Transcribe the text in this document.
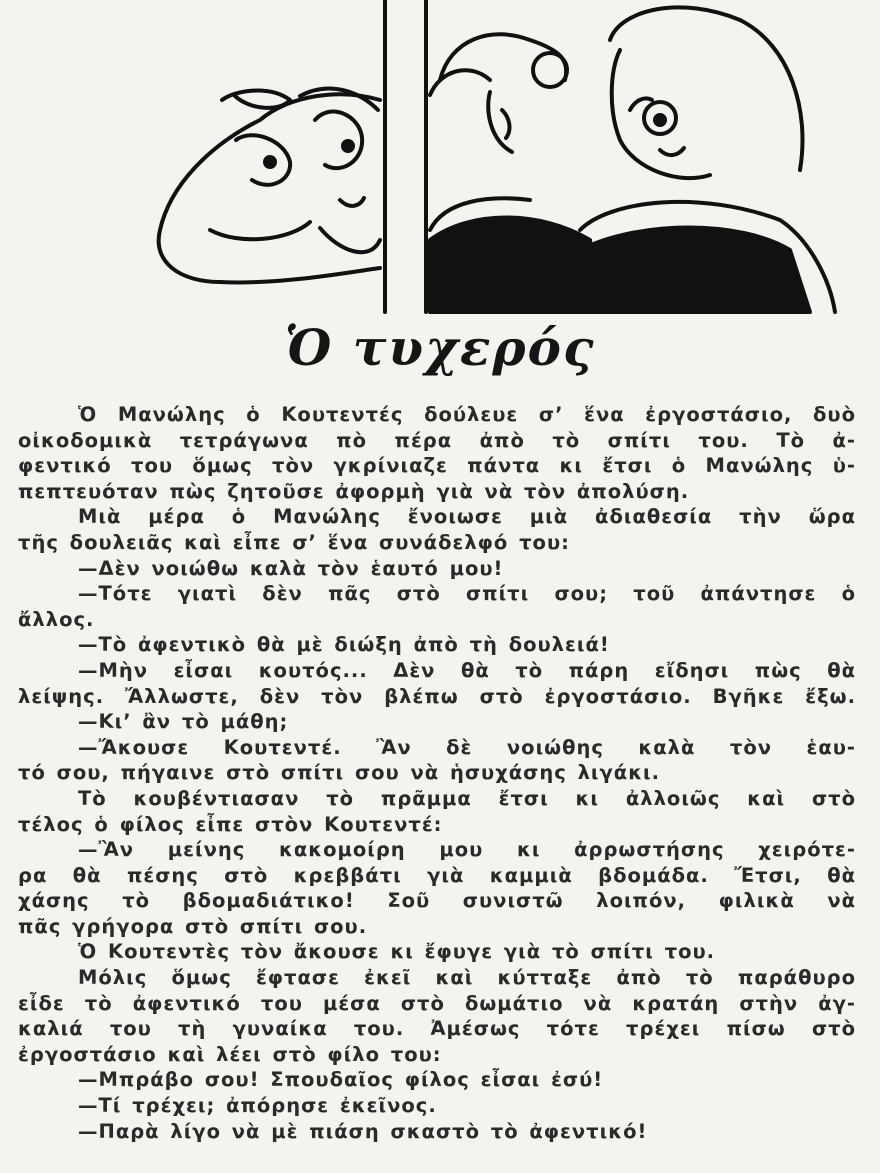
Ὁ τυχερός
Ὁ Μανώλης ὁ Κουτεντές δούλευε σ’ ἕνα ἐργοστάσιο, δυὸ
οἰκοδομικὰ τετράγωνα πὸ πέρα ἀπὸ τὸ σπίτι του. Τὸ ἀ-
φεντικό του ὅμως τὸν γκρίνιαζε πάντα κι ἔτσι ὁ Μανώλης ὑ-
πεπτευόταν πὼς ζητοῦσε ἀφορμὴ γιὰ νὰ τὸν ἀπολύση.
Μιὰ μέρα ὁ Μανώλης ἔνοιωσε μιὰ ἀδιαθεσία τὴν ὥρα
τῆς δουλειᾶς καὶ εἶπε σ’ ἕνα συνάδελφό του:
—Δὲν νοιώθω καλὰ τὸν ἑαυτό μου!
—Τότε γιατὶ δὲν πᾶς στὸ σπίτι σου; τοῦ ἀπάντησε ὁ
ἄλλος.
—Τὸ ἀφεντικὸ θὰ μὲ διώξη ἀπὸ τὴ δουλειά!
—Μὴν εἶσαι κουτός... Δὲν θὰ τὸ πάρη εἴδησι πὼς θὰ
λείψης. Ἄλλωστε, δὲν τὸν βλέπω στὸ ἐργοστάσιο. Βγῆκε ἔξω.
—Κι’ ἂν τὸ μάθη;
—Ἄκουσε Κουτεντέ. Ἂν δὲ νοιώθης καλὰ τὸν ἑαυ-
τό σου, πήγαινε στὸ σπίτι σου νὰ ἡσυχάσης λιγάκι.
Τὸ κουβέντιασαν τὸ πρᾶμμα ἔτσι κι ἀλλοιῶς καὶ στὸ
τέλος ὁ φίλος εἶπε στὸν Κουτεντέ:
—Ἂν μείνης κακομοίρη μου κι ἀρρωστήσης χειρότε-
ρα θὰ πέσης στὸ κρεββάτι γιὰ καμμιὰ βδομάδα. Ἔτσι, θὰ
χάσης τὸ βδομαδιάτικο! Σοῦ συνιστῶ λοιπόν, φιλικὰ νὰ
πᾶς γρήγορα στὸ σπίτι σου.
Ὁ Κουτεντὲς τὸν ἄκουσε κι ἔφυγε γιὰ τὸ σπίτι του.
Μόλις ὅμως ἔφτασε ἐκεῖ καὶ κύτταξε ἀπὸ τὸ παράθυρο
εἶδε τὸ ἀφεντικό του μέσα στὸ δωμάτιο νὰ κρατάη στὴν ἀγ-
καλιά του τὴ γυναίκα του. Ἀμέσως τότε τρέχει πίσω στὸ
ἐργοστάσιο καὶ λέει στὸ φίλο του:
—Μπράβο σου! Σπουδαῖος φίλος εἶσαι ἐσύ!
—Τί τρέχει; ἀπόρησε ἐκεῖνος.
—Παρὰ λίγο νὰ μὲ πιάση σκαστὸ τὸ ἀφεντικό!
